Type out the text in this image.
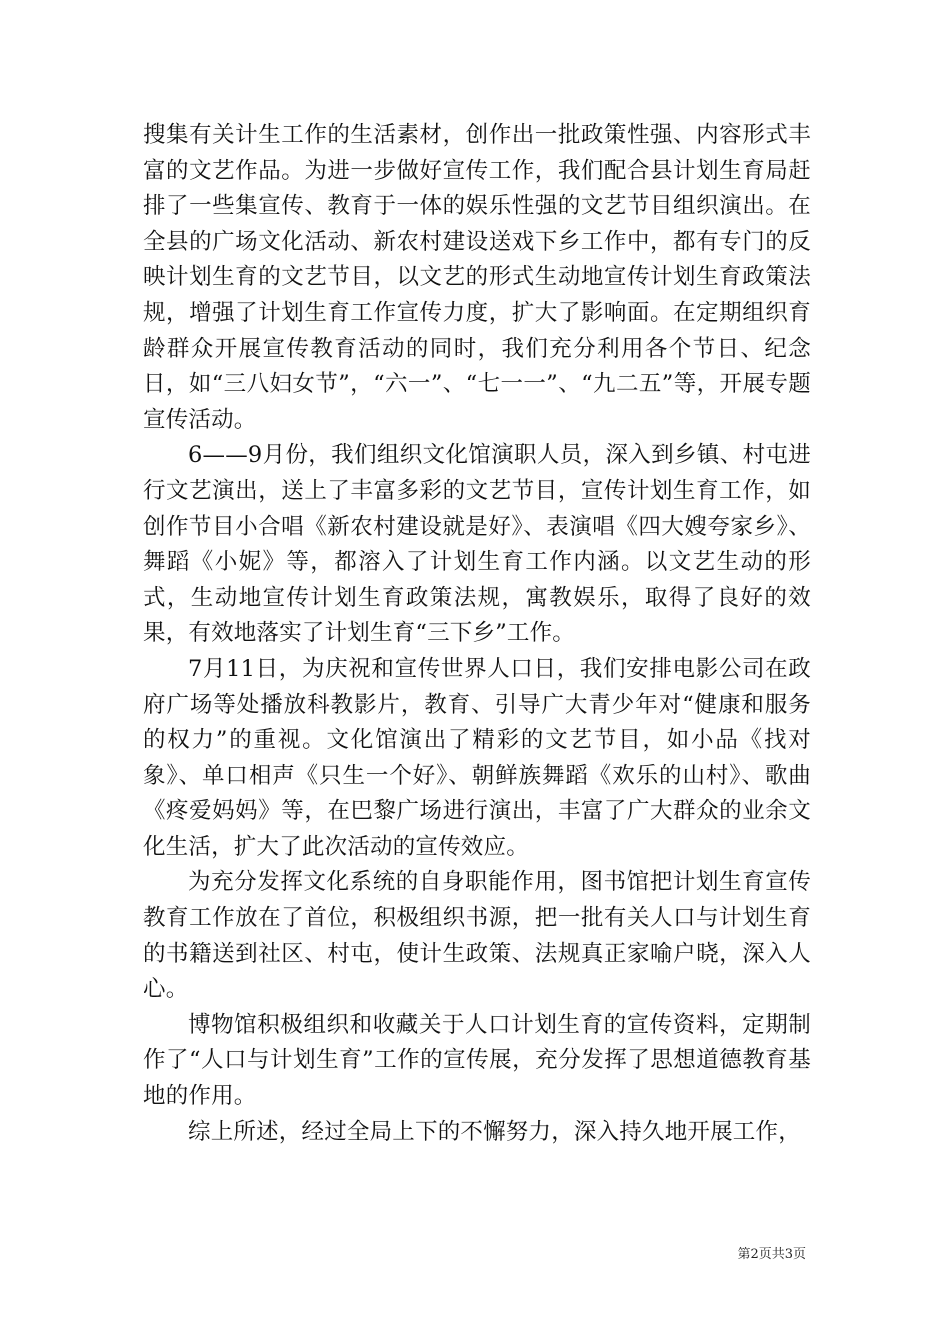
搜集有关计生工作的生活素材，创作出一批政策性强、内容形式丰富的文艺作品。为进一步做好宣传工作，我们配合县计划生育局赶排了一些集宣传、教育于一体的娱乐性强的文艺节目组织演出。在全县的广场文化活动、新农村建设送戏下乡工作中，都有专门的反映计划生育的文艺节目，以文艺的形式生动地宣传计划生育政策法规，增强了计划生育工作宣传力度，扩大了影响面。在定期组织育龄群众开展宣传教育活动的同时，我们充分利用各个节日、纪念日，如“三八妇女节”，“六一”、“七一一”、“九二五”等，开展专题宣传活动。

6——9月份，我们组织文化馆演职人员，深入到乡镇、村屯进行文艺演出，送上了丰富多彩的文艺节目，宣传计划生育工作，如创作节目小合唱《新农村建设就是好》、表演唱《四大嫂夸家乡》、舞蹈《小妮》等，都溶入了计划生育工作内涵。以文艺生动的形式，生动地宣传计划生育政策法规，寓教娱乐，取得了良好的效果，有效地落实了计划生育“三下乡”工作。

7月11日，为庆祝和宣传世界人口日，我们安排电影公司在政府广场等处播放科教影片，教育、引导广大青少年对“健康和服务的权力”的重视。文化馆演出了精彩的文艺节目，如小品《找对象》、单口相声《只生一个好》、朝鲜族舞蹈《欢乐的山村》、歌曲《疼爱妈妈》等，在巴黎广场进行演出，丰富了广大群众的业余文化生活，扩大了此次活动的宣传效应。

为充分发挥文化系统的自身职能作用，图书馆把计划生育宣传教育工作放在了首位，积极组织书源，把一批有关人口与计划生育的书籍送到社区、村屯，使计生政策、法规真正家喻户晓，深入人心。

博物馆积极组织和收藏关于人口计划生育的宣传资料，定期制作了“人口与计划生育”工作的宣传展，充分发挥了思想道德教育基地的作用。

综上所述，经过全局上下的不懈努力，深入持久地开展工作，

第2页共3页
